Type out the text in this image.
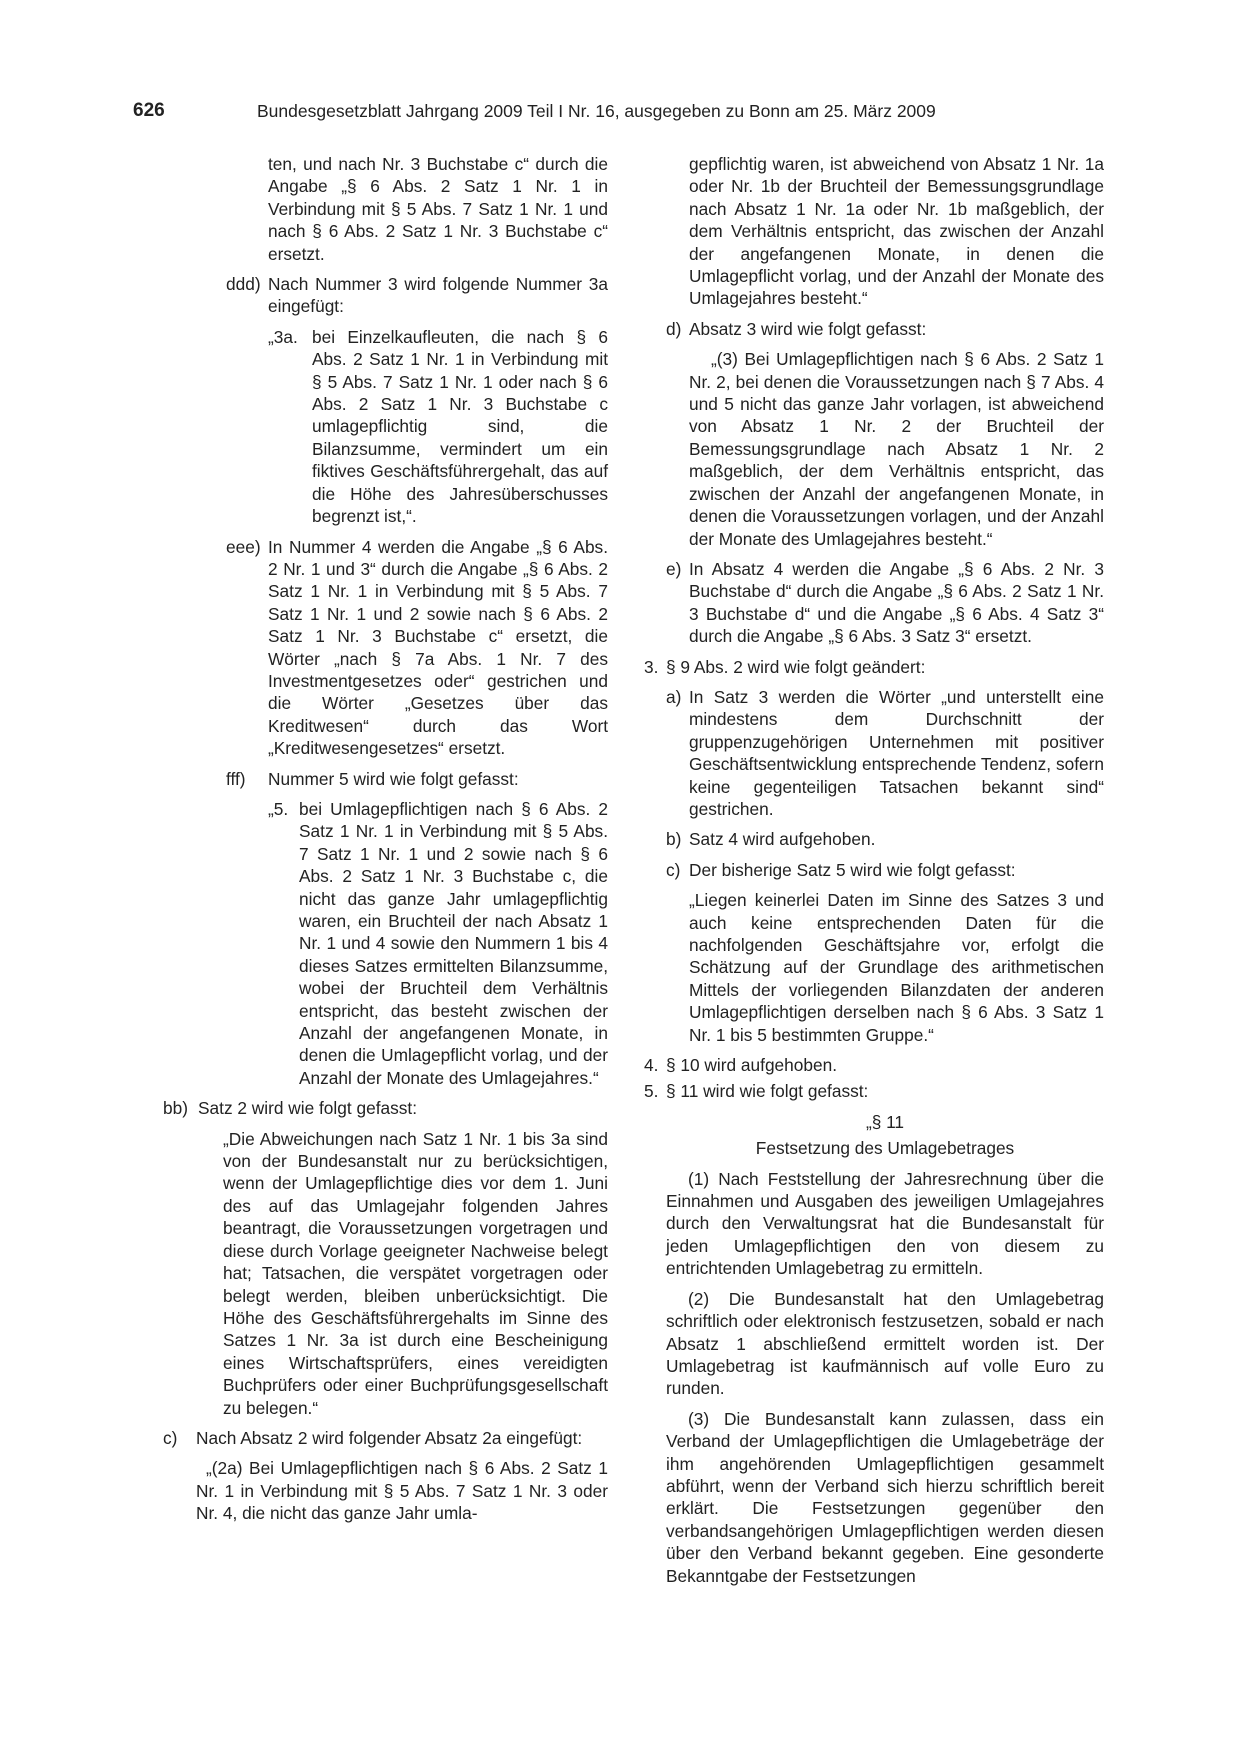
626	Bundesgesetzblatt Jahrgang 2009 Teil I Nr. 16, ausgegeben zu Bonn am 25. März 2009

ten, und nach Nr. 3 Buchstabe c“ durch die Angabe „§ 6 Abs. 2 Satz 1 Nr. 1 in Verbindung mit § 5 Abs. 7 Satz 1 Nr. 1 und nach § 6 Abs. 2 Satz 1 Nr. 3 Buchstabe c“ ersetzt.

ddd) Nach Nummer 3 wird folgende Nummer 3a eingefügt:

„3a. bei Einzelkaufleuten, die nach § 6 Abs. 2 Satz 1 Nr. 1 in Verbindung mit § 5 Abs. 7 Satz 1 Nr. 1 oder nach § 6 Abs. 2 Satz 1 Nr. 3 Buchstabe c umlagepflichtig sind, die Bilanzsumme, vermindert um ein fiktives Geschäftsführergehalt, das auf die Höhe des Jahresüberschusses begrenzt ist,“.

eee) In Nummer 4 werden die Angabe „§ 6 Abs. 2 Nr. 1 und 3“ durch die Angabe „§ 6 Abs. 2 Satz 1 Nr. 1 in Verbindung mit § 5 Abs. 7 Satz 1 Nr. 1 und 2 sowie nach § 6 Abs. 2 Satz 1 Nr. 3 Buchstabe c“ ersetzt, die Wörter „nach § 7a Abs. 1 Nr. 7 des Investmentgesetzes oder“ gestrichen und die Wörter „Gesetzes über das Kreditwesen“ durch das Wort „Kreditwesengesetzes“ ersetzt.

fff) Nummer 5 wird wie folgt gefasst:

„5. bei Umlagepflichtigen nach § 6 Abs. 2 Satz 1 Nr. 1 in Verbindung mit § 5 Abs. 7 Satz 1 Nr. 1 und 2 sowie nach § 6 Abs. 2 Satz 1 Nr. 3 Buchstabe c, die nicht das ganze Jahr umlagepflichtig waren, ein Bruchteil der nach Absatz 1 Nr. 1 und 4 sowie den Nummern 1 bis 4 dieses Satzes ermittelten Bilanzsumme, wobei der Bruchteil dem Verhältnis entspricht, das besteht zwischen der Anzahl der angefangenen Monate, in denen die Umlagepflicht vorlag, und der Anzahl der Monate des Umlagejahres.“

bb) Satz 2 wird wie folgt gefasst:

„Die Abweichungen nach Satz 1 Nr. 1 bis 3a sind von der Bundesanstalt nur zu berücksichtigen, wenn der Umlagepflichtige dies vor dem 1. Juni des auf das Umlagejahr folgenden Jahres beantragt, die Voraussetzungen vorgetragen und diese durch Vorlage geeigneter Nachweise belegt hat; Tatsachen, die verspätet vorgetragen oder belegt werden, bleiben unberücksichtigt. Die Höhe des Geschäftsführergehalts im Sinne des Satzes 1 Nr. 3a ist durch eine Bescheinigung eines Wirtschaftsprüfers, eines vereidigten Buchprüfers oder einer Buchprüfungsgesellschaft zu belegen.“

c) Nach Absatz 2 wird folgender Absatz 2a eingefügt:

„(2a) Bei Umlagepflichtigen nach § 6 Abs. 2 Satz 1 Nr. 1 in Verbindung mit § 5 Abs. 7 Satz 1 Nr. 3 oder Nr. 4, die nicht das ganze Jahr umla-

gepflichtig waren, ist abweichend von Absatz 1 Nr. 1a oder Nr. 1b der Bruchteil der Bemessungsgrundlage nach Absatz 1 Nr. 1a oder Nr. 1b maßgeblich, der dem Verhältnis entspricht, das zwischen der Anzahl der angefangenen Monate, in denen die Umlagepflicht vorlag, und der Anzahl der Monate des Umlagejahres besteht.“

d) Absatz 3 wird wie folgt gefasst:

„(3) Bei Umlagepflichtigen nach § 6 Abs. 2 Satz 1 Nr. 2, bei denen die Voraussetzungen nach § 7 Abs. 4 und 5 nicht das ganze Jahr vorlagen, ist abweichend von Absatz 1 Nr. 2 der Bruchteil der Bemessungsgrundlage nach Absatz 1 Nr. 2 maßgeblich, der dem Verhältnis entspricht, das zwischen der Anzahl der angefangenen Monate, in denen die Voraussetzungen vorlagen, und der Anzahl der Monate des Umlagejahres besteht.“

e) In Absatz 4 werden die Angabe „§ 6 Abs. 2 Nr. 3 Buchstabe d“ durch die Angabe „§ 6 Abs. 2 Satz 1 Nr. 3 Buchstabe d“ und die Angabe „§ 6 Abs. 4 Satz 3“ durch die Angabe „§ 6 Abs. 3 Satz 3“ ersetzt.

3. § 9 Abs. 2 wird wie folgt geändert:

a) In Satz 3 werden die Wörter „und unterstellt eine mindestens dem Durchschnitt der gruppenzugehörigen Unternehmen mit positiver Geschäftsentwicklung entsprechende Tendenz, sofern keine gegenteiligen Tatsachen bekannt sind“ gestrichen.

b) Satz 4 wird aufgehoben.

c) Der bisherige Satz 5 wird wie folgt gefasst:

„Liegen keinerlei Daten im Sinne des Satzes 3 und auch keine entsprechenden Daten für die nachfolgenden Geschäftsjahre vor, erfolgt die Schätzung auf der Grundlage des arithmetischen Mittels der vorliegenden Bilanzdaten der anderen Umlagepflichtigen derselben nach § 6 Abs. 3 Satz 1 Nr. 1 bis 5 bestimmten Gruppe.“

4. § 10 wird aufgehoben.

5. § 11 wird wie folgt gefasst:

„§ 11

Festsetzung des Umlagebetrages

(1) Nach Feststellung der Jahresrechnung über die Einnahmen und Ausgaben des jeweiligen Umlagejahres durch den Verwaltungsrat hat die Bundesanstalt für jeden Umlagepflichtigen den von diesem zu entrichtenden Umlagebetrag zu ermitteln.

(2) Die Bundesanstalt hat den Umlagebetrag schriftlich oder elektronisch festzusetzen, sobald er nach Absatz 1 abschließend ermittelt worden ist. Der Umlagebetrag ist kaufmännisch auf volle Euro zu runden.

(3) Die Bundesanstalt kann zulassen, dass ein Verband der Umlagepflichtigen die Umlagebeträge der ihm angehörenden Umlagepflichtigen gesammelt abführt, wenn der Verband sich hierzu schriftlich bereit erklärt. Die Festsetzungen gegenüber den verbandsangehörigen Umlagepflichtigen werden diesen über den Verband bekannt gegeben. Eine gesonderte Bekanntgabe der Festsetzungen
